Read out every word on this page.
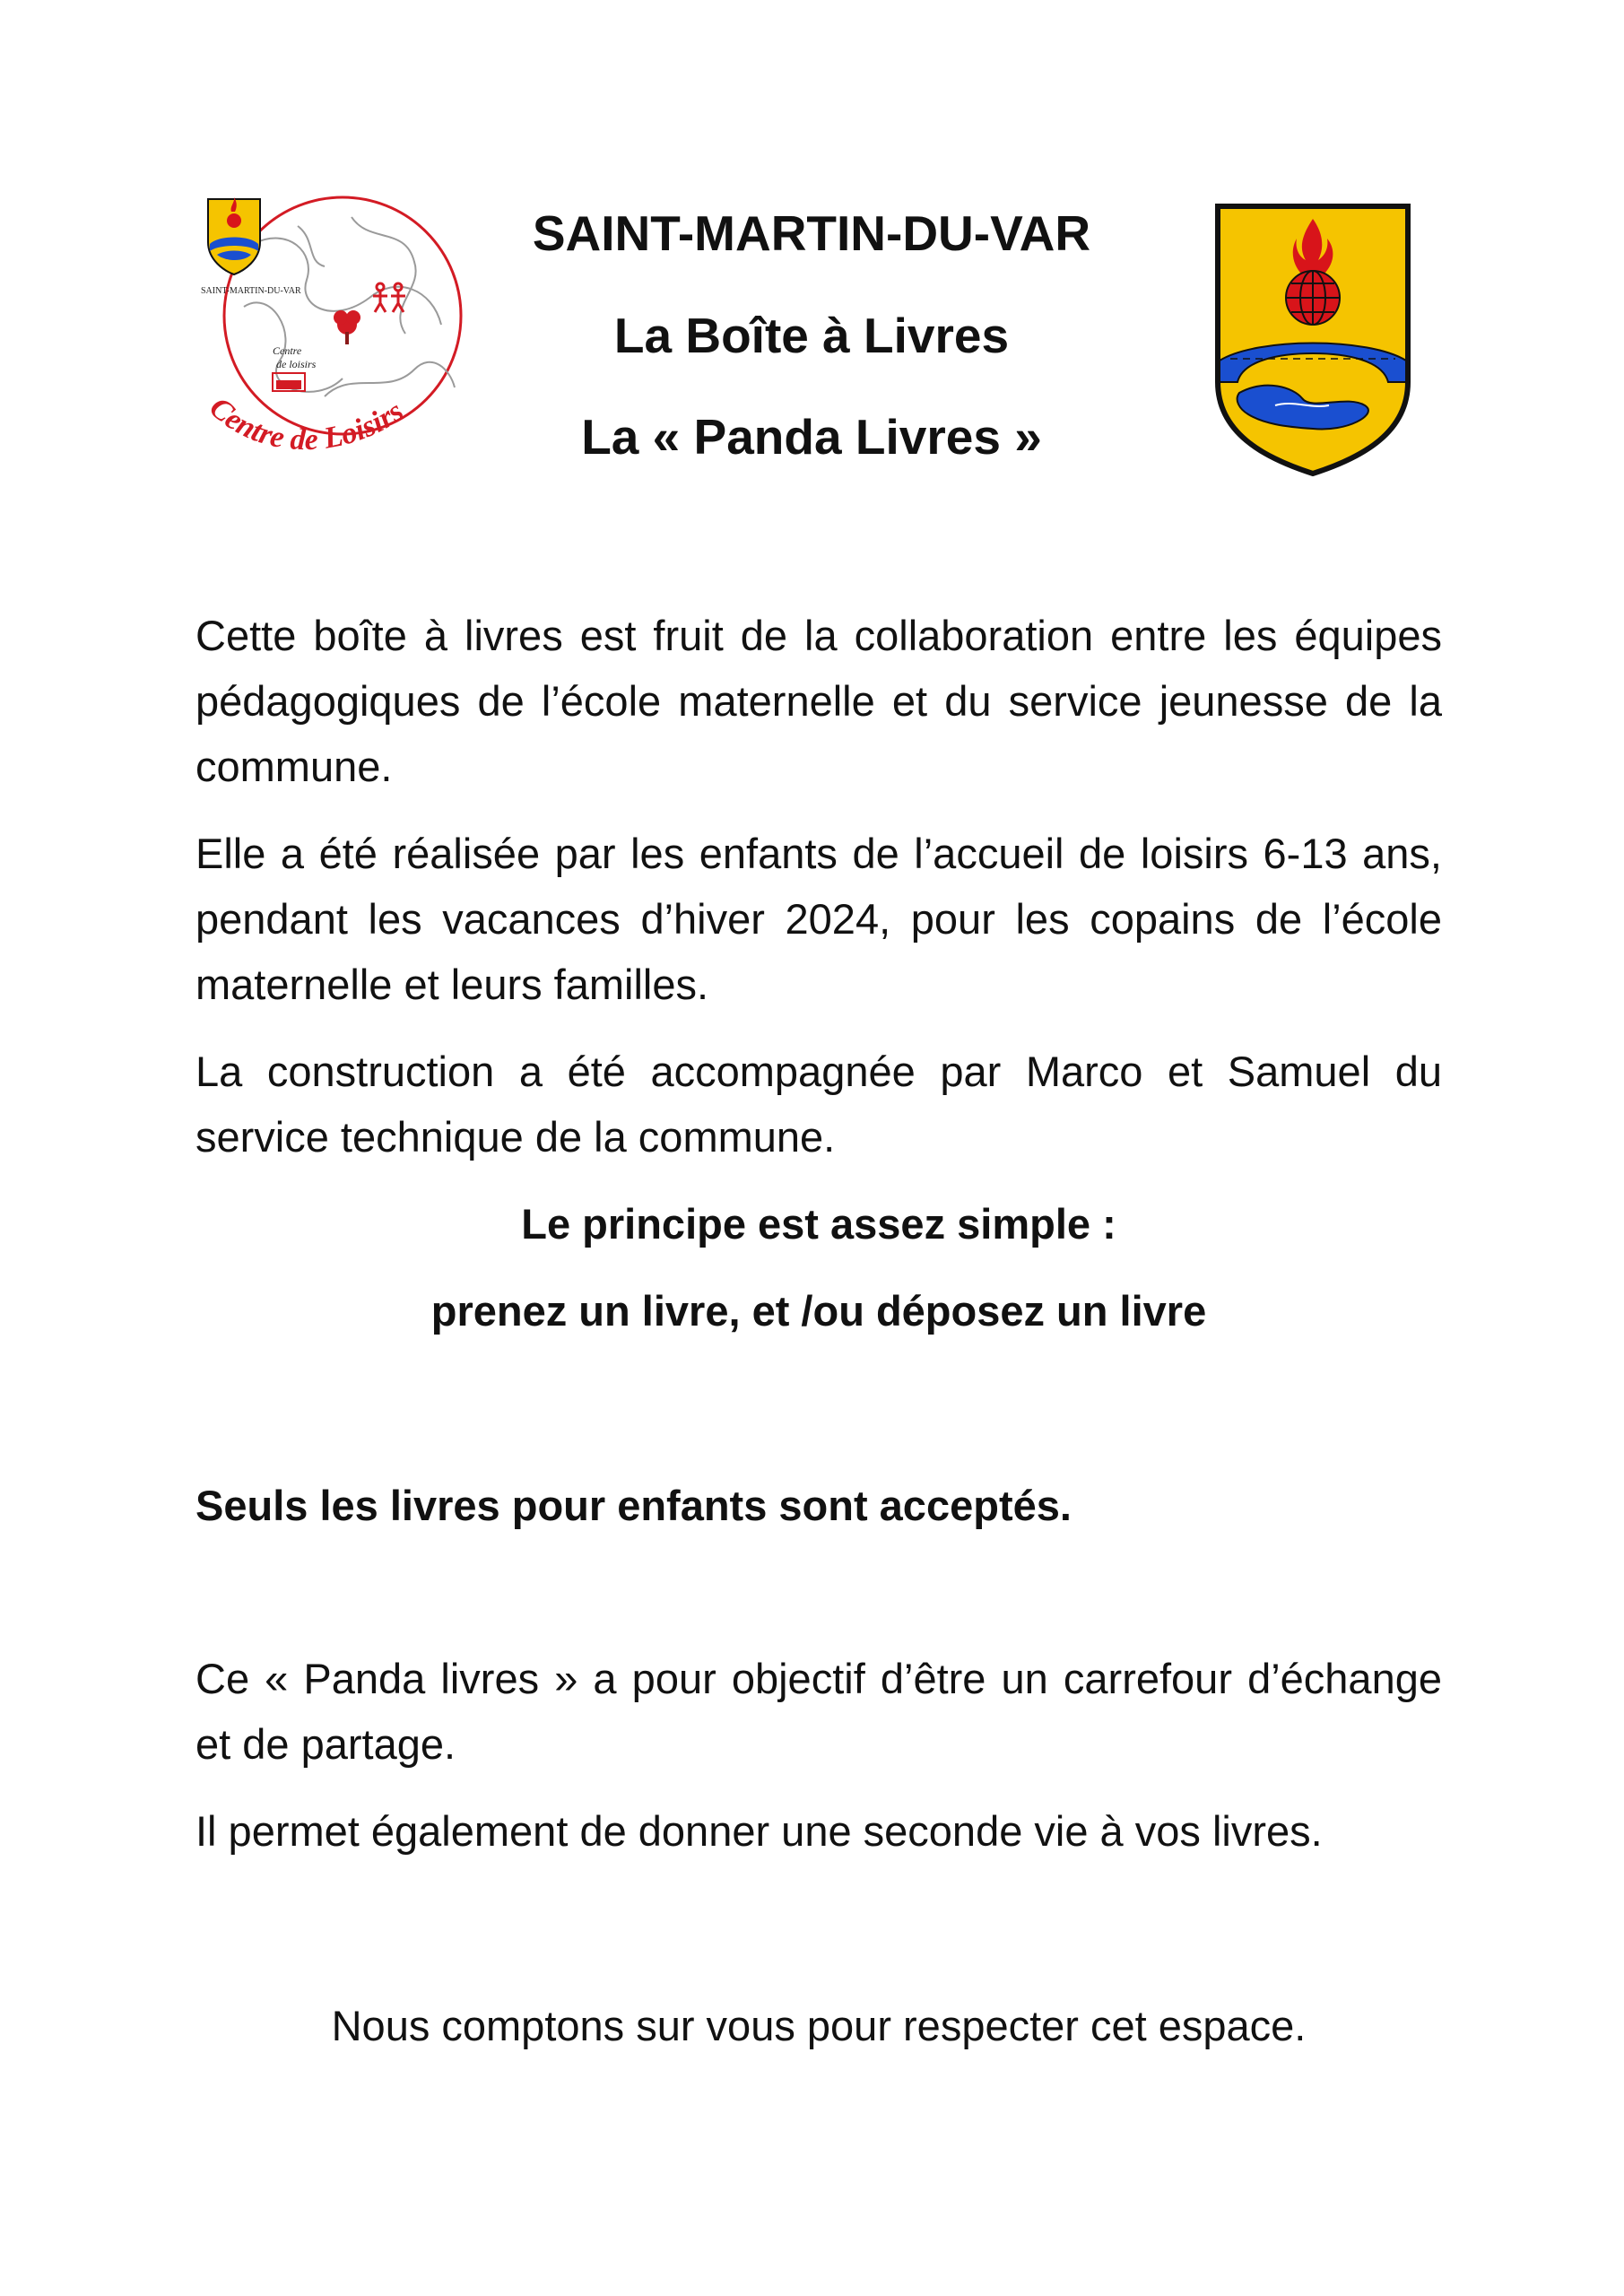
SAINT-MARTIN-DU-VAR
Centre
de loisirs
Centre de Loisirs

SAINT-MARTIN-DU-VAR

La Boîte à Livres

La « Panda Livres »

Cette boîte à livres est fruit de la collaboration entre les équipes pédagogiques de l’école maternelle et du service jeunesse de la commune.

Elle a été réalisée par les enfants de l’accueil de loisirs 6-13 ans, pendant les vacances d’hiver 2024, pour les copains de l’école maternelle et leurs familles.

La construction a été accompagnée par Marco et Samuel du service technique de la commune.

Le principe est assez simple :

prenez un livre, et /ou déposez un livre

Seuls les livres pour enfants sont acceptés.

Ce « Panda livres » a pour objectif d’être un carrefour d’échange et de partage.

Il permet également de donner une seconde vie à vos livres.

Nous comptons sur vous pour respecter cet espace.
